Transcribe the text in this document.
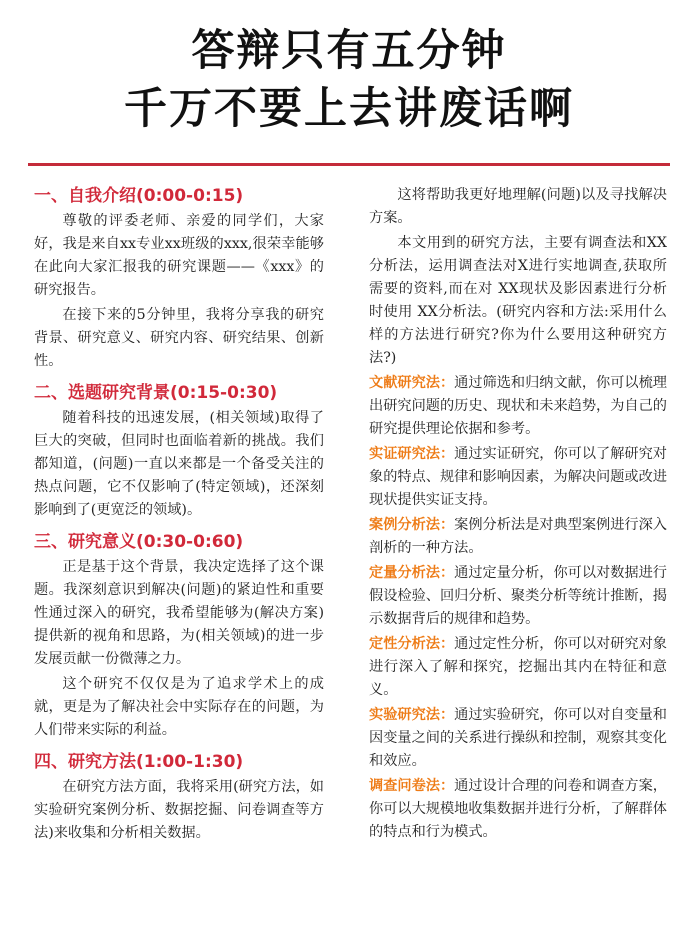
答辩只有五分钟
千万不要上去讲废话啊
一、自我介绍(0:00-0:15)

尊敬的评委老师、亲爱的同学们，大家好，我是来自xx专业xx班级的xxx,很荣幸能够在此向大家汇报我的研究课题——《xxx》的研究报告。

在接下来的5分钟里，我将分享我的研究背景、研究意义、研究内容、研究结果、创新性。

二、选题研究背景(0:15-0:30)

随着科技的迅速发展，(相关领域)取得了巨大的突破，但同时也面临着新的挑战。我们都知道，(问题)一直以来都是一个备受关注的热点问题，它不仅影响了(特定领域)，还深刻影响到了(更宽泛的领域)。

三、研究意义(0:30-0:60)

正是基于这个背景，我决定选择了这个课题。我深刻意识到解决(问题)的紧迫性和重要性通过深入的研究，我希望能够为(解决方案)提供新的视角和思路，为(相关领域)的进一步发展贡献一份微薄之力。

这个研究不仅仅是为了追求学术上的成就，更是为了解决社会中实际存在的问题，为人们带来实际的利益。

四、研究方法(1:00-1:30)

在研究方法方面，我将采用(研究方法，如实验研究案例分析、数据挖掘、问卷调查等方法)来收集和分析相关数据。

这将帮助我更好地理解(问题)以及寻找解决方案。

本文用到的研究方法，主要有调查法和XX分析法，运用调查法对X进行实地调查,获取所需要的资料,而在对 XX现状及影因素进行分析时使用 XX分析法。(研究内容和方法:采用什么样的方法进行研究?你为什么要用这种研究方法?)

文献研究法：通过筛选和归纳文献，你可以梳理出研究问题的历史、现状和未来趋势，为自己的研究提供理论依据和参考。
实证研究法：通过实证研究，你可以了解研究对象的特点、规律和影响因素，为解决问题或改进现状提供实证支持。
案例分析法：案例分析法是对典型案例进行深入剖析的一种方法。
定量分析法：通过定量分析，你可以对数据进行假设检验、回归分析、聚类分析等统计推断，揭示数据背后的规律和趋势。
定性分析法：通过定性分析，你可以对研究对象进行深入了解和探究，挖掘出其内在特征和意义。
实验研究法：通过实验研究，你可以对自变量和因变量之间的关系进行操纵和控制，观察其变化和效应。
调查问卷法：通过设计合理的问卷和调查方案，你可以大规模地收集数据并进行分析，了解群体的特点和行为模式。
